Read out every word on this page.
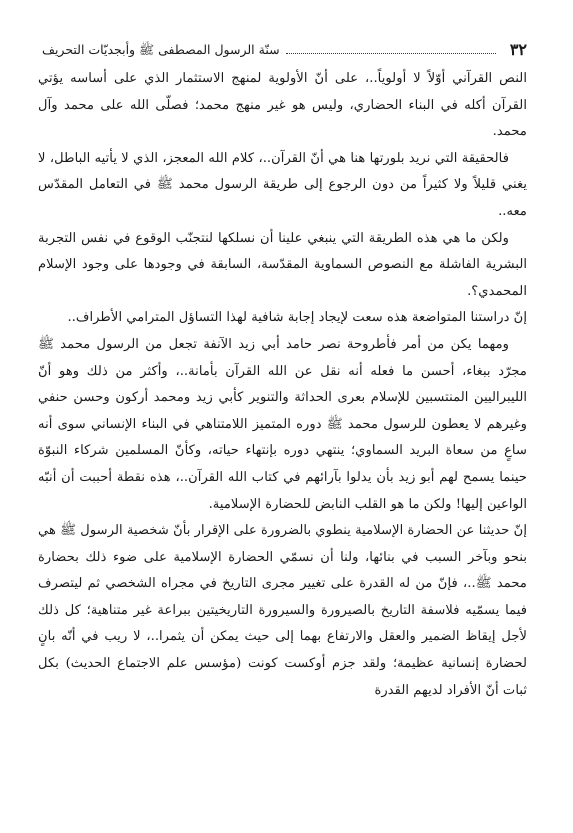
٣٢
سنّة الرسول المصطفى ﷺ وأبجديّات التحريف

النص القرآني أوّلاً لا أولوياً..، على أنّ الأولوية لمنهج الاستثمار الذي على أساسه يؤتي القرآن أكله في البناء الحضاري، وليس هو غير منهج محمد؛ فصلّى الله على محمد وآل محمد.

فالحقيقة التي نريد بلورتها هنا هي أنّ القرآن..، كلام الله المعجز، الذي لا يأتيه الباطل، لا يغني قليلاً ولا كثيراً من دون الرجوع إلى طريقة الرسول محمد ﷺ في التعامل المقدّس معه..

ولكن ما هي هذه الطريقة التي ينبغي علينا أن نسلكها لنتجنّب الوقوع في نفس التجربة البشرية الفاشلة مع النصوص السماوية المقدّسة، السابقة في وجودها على وجود الإسلام المحمدي؟.

إنّ دراستنا المتواضعة هذه سعت لإيجاد إجابة شافية لهذا التساؤل المترامي الأطراف..

ومهما يكن من أمر فأطروحة نصر حامد أبي زيد الآنفة تجعل من الرسول محمد ﷺ مجرّد ببغاء، أحسن ما فعله أنه نقل عن الله القرآن بأمانة..، وأكثر من ذلك وهو أنّ الليبراليين المنتسبين للإسلام بعرى الحداثة والتنوير كأبي زيد ومحمد أركون وحسن حنفي وغيرهم لا يعطون للرسول محمد ﷺ دوره المتميز اللامتناهي في البناء الإنساني سوى أنه ساعٍ من سعاة البريد السماوي؛ ينتهي دوره بإنتهاء حياته، وكأنّ المسلمين شركاء النبوّة حينما يسمح لهم أبو زيد بأن يدلوا بآرائهم في كتاب الله القرآن..، هذه نقطة أحببت أن أنبّه الواعين إليها! ولكن ما هو القلب النابض للحضارة الإسلامية.

إنّ حديثنا عن الحضارة الإسلامية ينطوي بالضرورة على الإقرار بأنّ شخصية الرسول ﷺ هي بنحو وبآخر السبب في بنائها، ولنا أن نسمّي الحضارة الإسلامية على ضوء ذلك بحضارة محمد ﷺ..، فإنّ من له القدرة على تغيير مجرى التاريخ في مجراه الشخصي ثم ليتصرف فيما يسمّيه فلاسفة التاريخ بالصيرورة والسيرورة التاريخيتين ببراعة غير متناهية؛ كل ذلك لأجل إيقاظ الضمير والعقل والارتفاع بهما إلى حيث يمكن أن يثمرا..، لا ريب في أنّه بانٍ لحضارة إنسانية عظيمة؛ ولقد جزم أوكست كونت (مؤسس علم الاجتماع الحديث) بكل ثبات أنّ الأفراد لديهم القدرة
